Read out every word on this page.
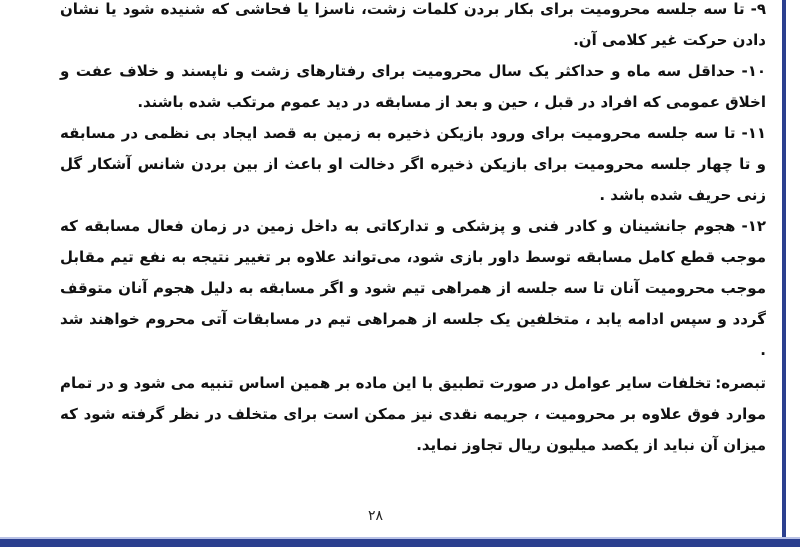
۹-تا سه جلسه محرومیت برای بکار بردن کلمات زشت، ناسزا یا فحاشی که شنیده شود یا نشان دادن حرکت غیر کلامی آن.

۱۰-حداقل سه ماه و حداکثر یک سال محرومیت برای رفتارهای زشت و ناپسند و خلاف عفت و اخلاق عمومی که افراد در قبل ، حین و بعد از مسابقه در دید عموم مرتکب شده باشند.

۱۱-تا سه جلسه محرومیت برای ورود بازیکن ذخیره به زمین به قصد ایجاد بی نظمی در مسابقه و تا چهار جلسه محرومیت برای بازیکن ذخیره اگر دخالت او باعث از بین بردن شانس آشکار گل زنی حریف شده باشد .

۱۲-هجوم جانشینان و کادر فنی و پزشکی و تدارکاتی به داخل زمین در زمان فعال مسابقه که موجب قطع کامل مسابقه توسط داور بازی شود، می‌تواند علاوه بر تغییر نتیجه به نفع تیم مقابل موجب محرومیت آنان تا سه جلسه از همراهی تیم شود و اگر مسابقه به دلیل هجوم آنان متوقف گردد و سپس ادامه یابد ، متخلفین یک جلسه از همراهی تیم در مسابقات آتی محروم خواهند شد .

تبصره:تخلفات سایر عوامل در صورت تطبیق با این ماده بر همین اساس تنبیه می شود و در تمام موارد فوق علاوه بر محرومیت ، جریمه نقدی نیز ممکن است برای متخلف در نظر گرفته شود که میزان آن نباید از یکصد میلیون ریال تجاوز نماید.

۲۸
